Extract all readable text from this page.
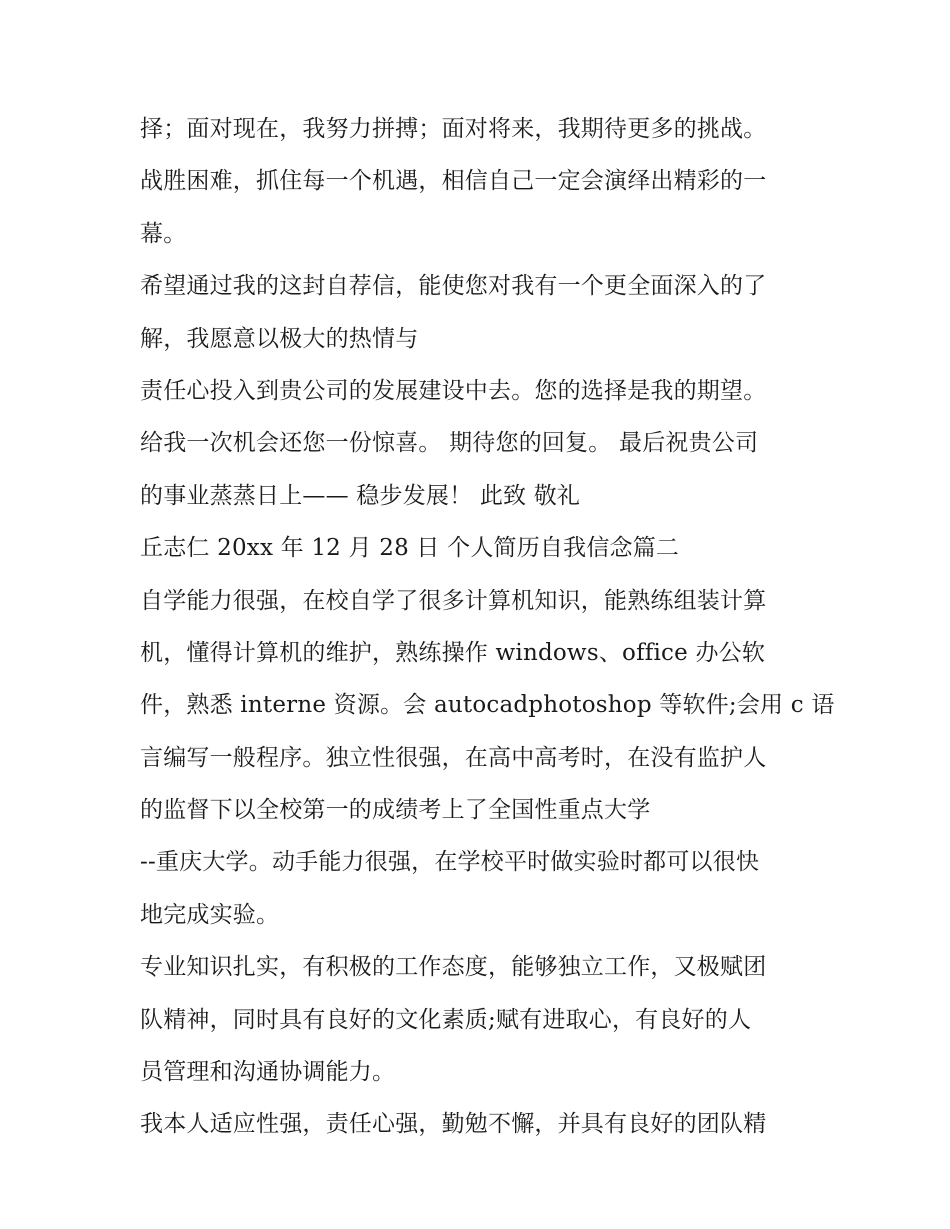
择；面对现在，我努力拼搏；面对将来，我期待更多的挑战。
战胜困难，抓住每一个机遇，相信自己一定会演绎出精彩的一
幕。
希望通过我的这封自荐信，能使您对我有一个更全面深入的了
解，我愿意以极大的热情与
责任心投入到贵公司的发展建设中去。您的选择是我的期望。
给我一次机会还您一份惊喜。 期待您的回复。 最后祝贵公司
的事业蒸蒸日上—— 稳步发展！ 此致 敬礼
丘志仁 20xx 年 12 月 28 日 个人简历自我信念篇二
自学能力很强，在校自学了很多计算机知识，能熟练组装计算
机，懂得计算机的维护，熟练操作 windows、office 办公软
件，熟悉 interne 资源。会 autocadphotoshop 等软件;会用 c 语
言编写一般程序。独立性很强，在高中高考时，在没有监护人
的监督下以全校第一的成绩考上了全国性重点大学
--重庆大学。动手能力很强，在学校平时做实验时都可以很快
地完成实验。
专业知识扎实，有积极的工作态度，能够独立工作，又极赋团
队精神，同时具有良好的文化素质;赋有进取心，有良好的人
员管理和沟通协调能力。
我本人适应性强，责任心强，勤勉不懈，并具有良好的团队精
